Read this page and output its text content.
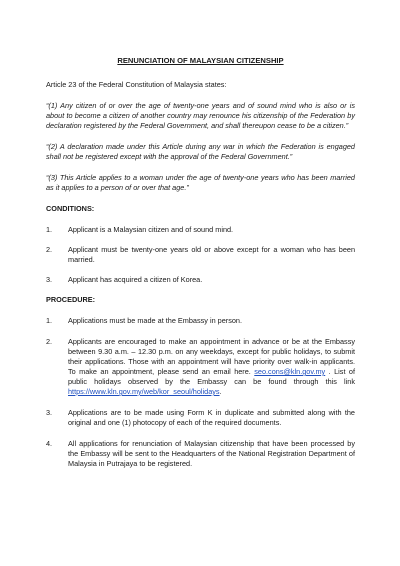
RENUNCIATION OF MALAYSIAN CITIZENSHIP
Article 23 of the Federal Constitution of Malaysia states:
“(1) Any citizen of or over the age of twenty-one years and of sound mind who is also or is about to become a citizen of another country may renounce his citizenship of the Federation by declaration registered by the Federal Government, and shall thereupon cease to be a citizen.”
“(2) A declaration made under this Article during any war in which the Federation is engaged shall not be registered except with the approval of the Federal Government.”
“(3) This Article applies to a woman under the age of twenty-one years who has been married as it applies to a person of or over that age.”
CONDITIONS:
1.	Applicant is a Malaysian citizen and of sound mind.
2.	Applicant must be twenty-one years old or above except for a woman who has been married.
3.	Applicant has acquired a citizen of Korea.
PROCEDURE:
1.	Applications must be made at the Embassy in person.
2.	Applicants are encouraged to make an appointment in advance or be at the Embassy between 9.30 a.m. – 12.30 p.m. on any weekdays, except for public holidays, to submit their applications. Those with an appointment will have priority over walk-in applicants. To make an appointment, please send an email here. seo.cons@kln.gov.my . List of public holidays observed by the Embassy can be found through this link https://www.kln.gov.my/web/kor_seoul/holidays.
3.	Applications are to be made using Form K in duplicate and submitted along with the original and one (1) photocopy of each of the required documents.
4.	All applications for renunciation of Malaysian citizenship that have been processed by the Embassy will be sent to the Headquarters of the National Registration Department of Malaysia in Putrajaya to be registered.
